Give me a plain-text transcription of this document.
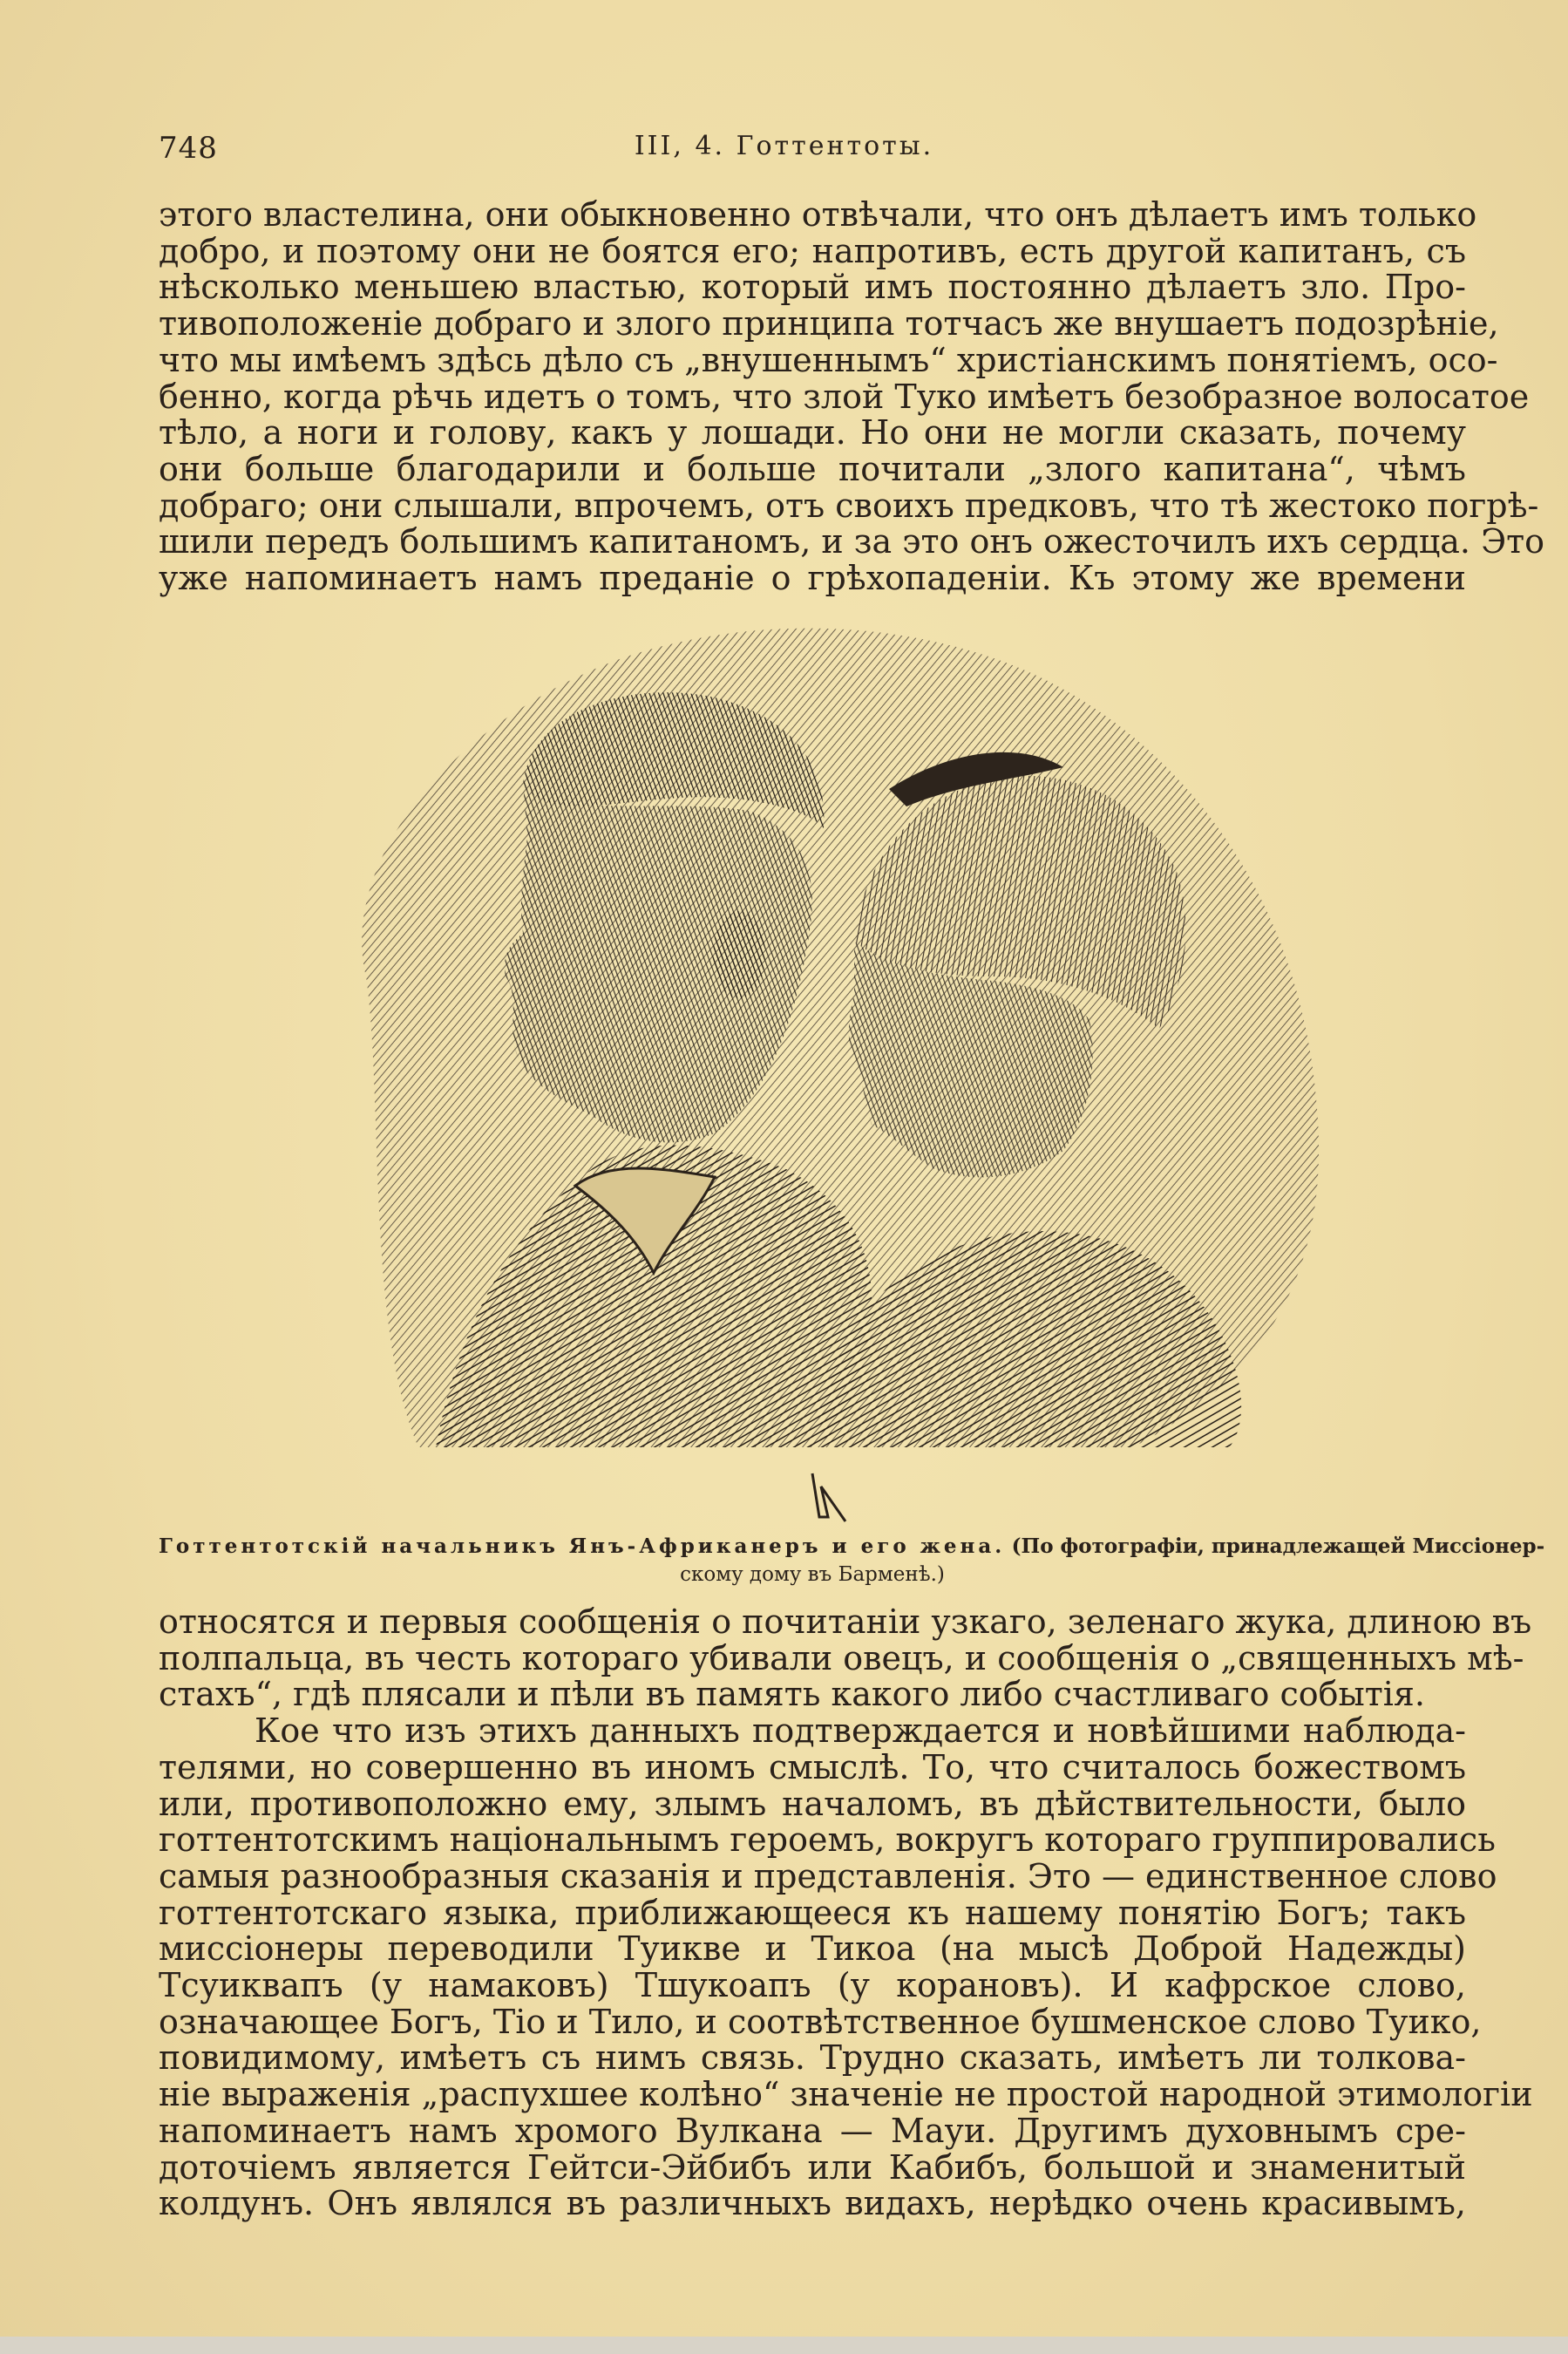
748	III, 4. Готтентоты.
этого властелина, они обыкновенно отвѣчали, что онъ дѣлаетъ имъ только
добро, и поэтому они не боятся его; напротивъ, есть другой капитанъ, съ
нѣсколько меньшею властью, который имъ постоянно дѣлаетъ зло. Про-
тивоположеніе добраго и злого принципа тотчасъ же внушаетъ подозрѣніе,
что мы имѣемъ здѣсь дѣло съ „внушеннымъ“ христіанскимъ понятіемъ, осо-
бенно, когда рѣчь идетъ о томъ, что злой Туко имѣетъ безобразное волосатое
тѣло, а ноги и голову, какъ у лошади. Но они не могли сказать, почему
они больше благодарили и больше почитали „злого капитана“, чѣмъ
добраго; они слышали, впрочемъ, отъ своихъ предковъ, что тѣ жестоко погрѣ-
шили передъ большимъ капитаномъ, и за это онъ ожесточилъ ихъ сердца. Это
уже напоминаетъ намъ преданіе о грѣхопаденіи. Къ этому же времени
Готтентотскій начальникъ Янъ-Африканеръ и его жена. (По фотографіи, принадлежащей Миссіонер-
скому дому въ Барменѣ.)
относятся и первыя сообщенія о почитаніи узкаго, зеленаго жука, длиною въ
полпальца, въ честь котораго убивали овецъ, и сообщенія о „священныхъ мѣ-
стахъ“, гдѣ плясали и пѣли въ память какого либо счастливаго событія.
Кое что изъ этихъ данныхъ подтверждается и новѣйшими наблюда-
телями, но совершенно въ иномъ смыслѣ. То, что считалось божествомъ
или, противоположно ему, злымъ началомъ, въ дѣйствительности, было
готтентотскимъ національнымъ героемъ, вокругъ котораго группировались
самыя разнообразныя сказанія и представленія. Это — единственное слово
готтентотскаго языка, приближающееся къ нашему понятію Богъ; такъ
миссіонеры переводили Туикве и Тикоа (на мысѣ Доброй Надежды)
Тсуиквапъ (у намаковъ) Тшукоапъ (у корановъ). И кафрское слово,
означающее Богъ, Тіо и Тило, и соотвѣтственное бушменское слово Туико,
повидимому, имѣетъ съ нимъ связь. Трудно сказать, имѣетъ ли толкова-
ніе выраженія „распухшее колѣно“ значеніе не простой народной этимологіи
напоминаетъ намъ хромого Вулкана — Мауи. Другимъ духовнымъ сре-
доточіемъ является Гейтси-Эйбибъ или Кабибъ, большой и знаменитый
колдунъ. Онъ являлся въ различныхъ видахъ, нерѣдко очень красивымъ,
